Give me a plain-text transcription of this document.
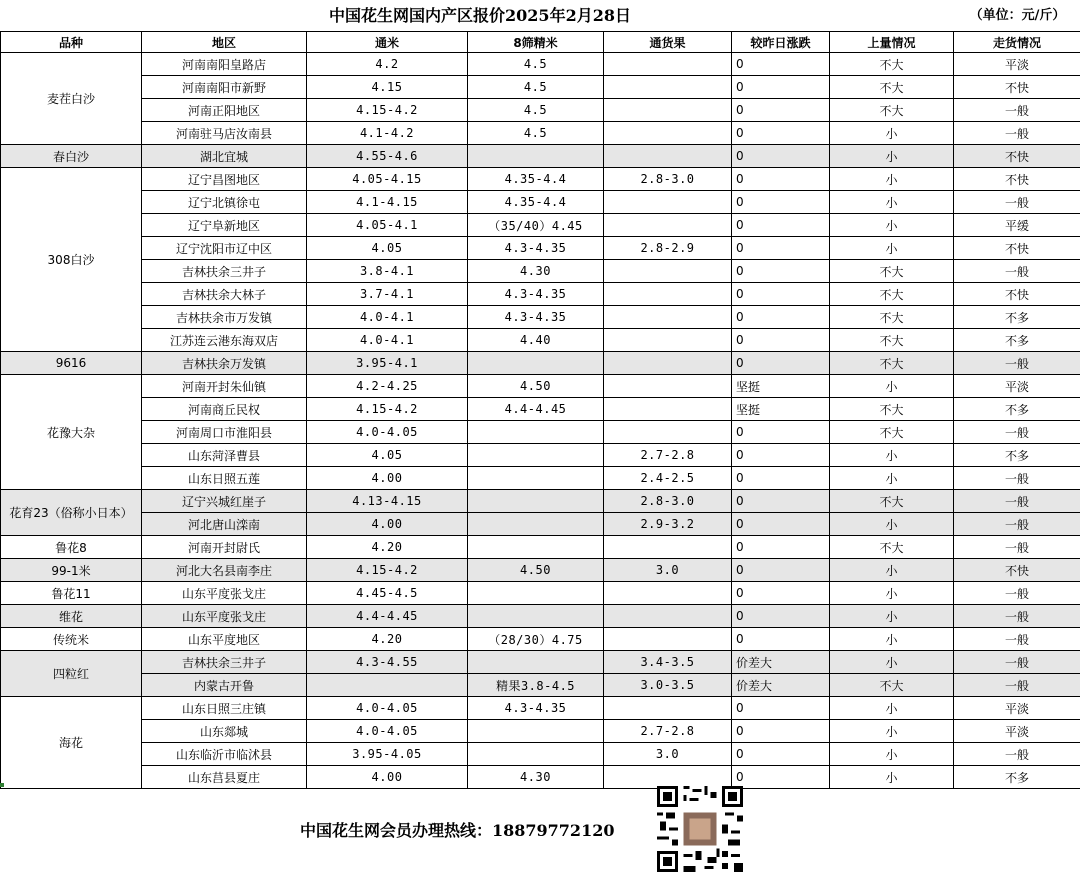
中国花生网国内产区报价2025年2月28日	（单位：元/斤）
品种	地区	通米	8筛精米	通货果	较昨日涨跌	上量情况	走货情况
麦茬白沙	河南南阳皇路店	4.2	4.5		0	不大	平淡
	河南南阳市新野	4.15	4.5		0	不大	不快
	河南正阳地区	4.15-4.2	4.5		0	不大	一般
	河南驻马店汝南县	4.1-4.2	4.5		0	小	一般
春白沙	湖北宜城	4.55-4.6			0	小	不快
308白沙	辽宁昌图地区	4.05-4.15	4.35-4.4	2.8-3.0	0	小	不快
	辽宁北镇徐屯	4.1-4.15	4.35-4.4		0	小	一般
	辽宁阜新地区	4.05-4.1	（35/40）4.45		0	小	平缓
	辽宁沈阳市辽中区	4.05	4.3-4.35	2.8-2.9	0	小	不快
	吉林扶余三井子	3.8-4.1	4.30		0	不大	一般
	吉林扶余大林子	3.7-4.1	4.3-4.35		0	不大	不快
	吉林扶余市万发镇	4.0-4.1	4.3-4.35		0	不大	不多
	江苏连云港东海双店	4.0-4.1	4.40		0	不大	不多
9616	吉林扶余万发镇	3.95-4.1			0	不大	一般
花豫大杂	河南开封朱仙镇	4.2-4.25	4.50		坚挺	小	平淡
	河南商丘民权	4.15-4.2	4.4-4.45		坚挺	不大	不多
	河南周口市淮阳县	4.0-4.05			0	不大	一般
	山东菏泽曹县	4.05		2.7-2.8	0	小	不多
	山东日照五莲	4.00		2.4-2.5	0	小	一般
花育23（俗称小日本）	辽宁兴城红崖子	4.13-4.15		2.8-3.0	0	不大	一般
	河北唐山滦南	4.00		2.9-3.2	0	小	一般
鲁花8	河南开封尉氏	4.20			0	不大	一般
99-1米	河北大名县南李庄	4.15-4.2	4.50	3.0	0	小	不快
鲁花11	山东平度张戈庄	4.45-4.5			0	小	一般
维花	山东平度张戈庄	4.4-4.45			0	小	一般
传统米	山东平度地区	4.20	（28/30）4.75		0	小	一般
四粒红	吉林扶余三井子	4.3-4.55		3.4-3.5	价差大	小	一般
	内蒙古开鲁		精果3.8-4.5	3.0-3.5	价差大	不大	一般
海花	山东日照三庄镇	4.0-4.05	4.3-4.35		0	小	平淡
	山东郯城	4.0-4.05		2.7-2.8	0	小	平淡
	山东临沂市临沭县	3.95-4.05		3.0	0	小	一般
	山东莒县夏庄	4.00	4.30		0	小	不多
中国花生网会员办理热线：18879772120
